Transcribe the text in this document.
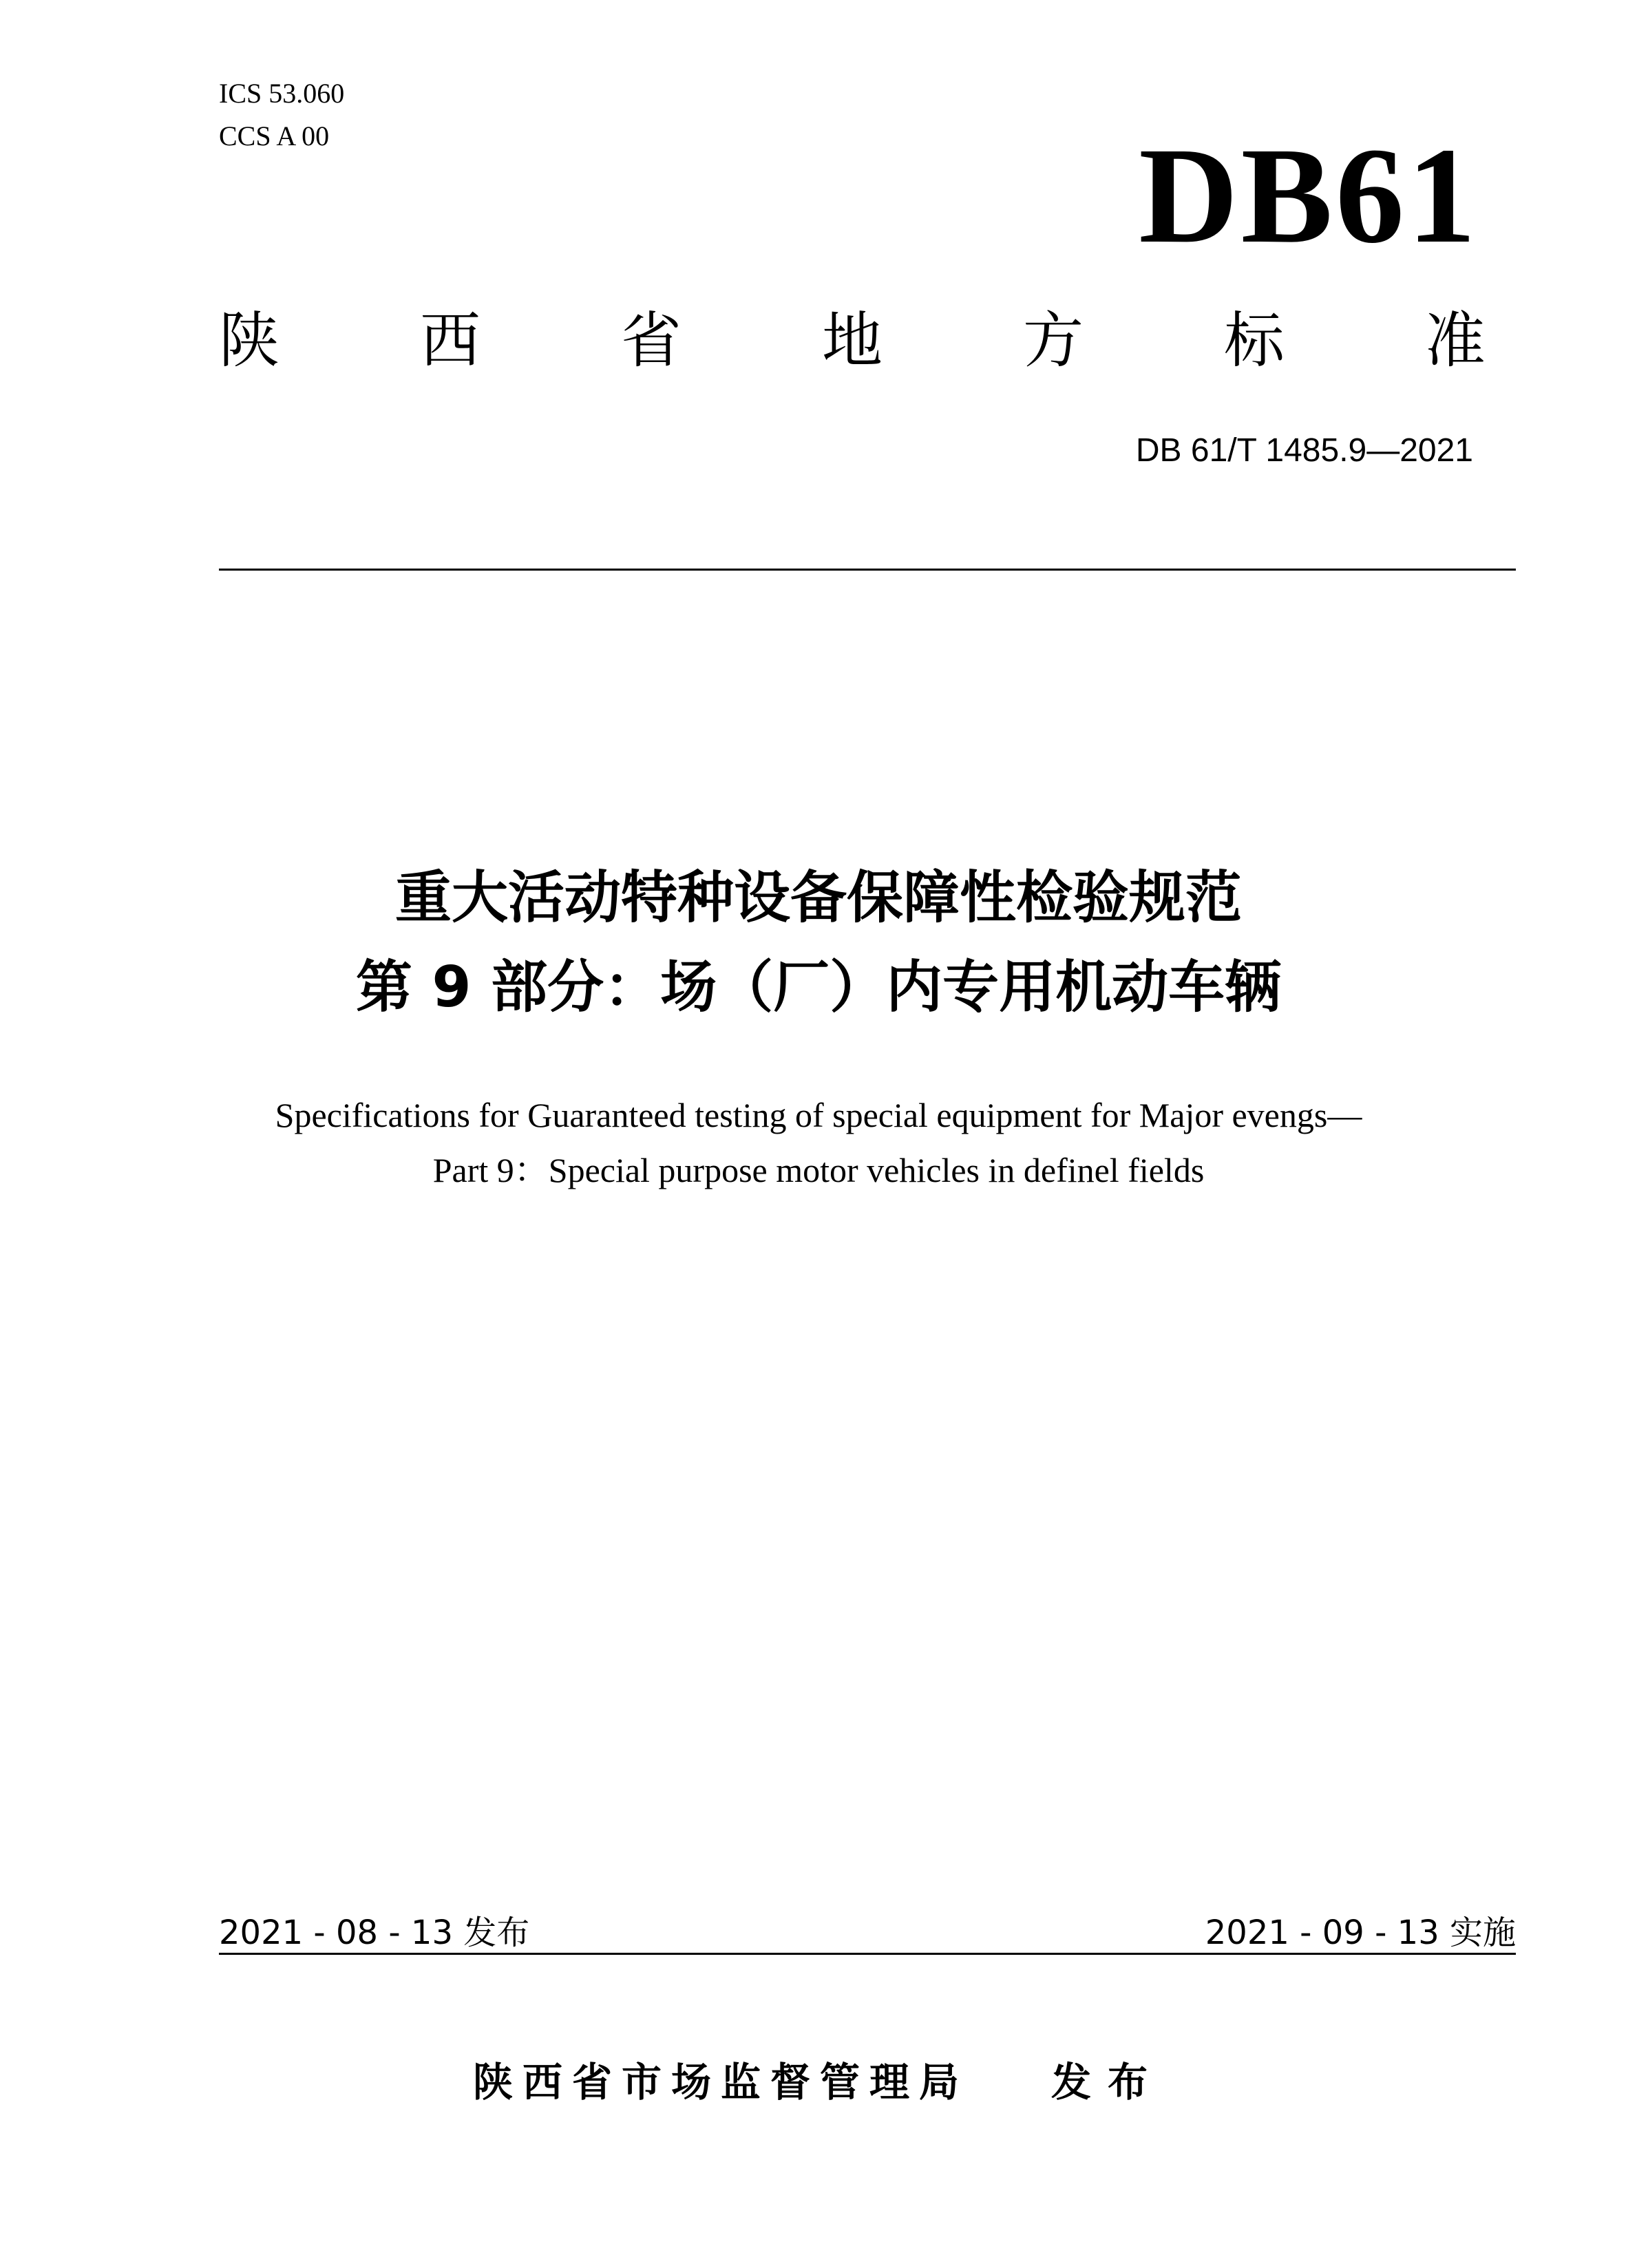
ICS 53.060
CCS A 00	DB61
陕 西 省 地 方 标 准
DB 61/T 1485.9—2021
重大活动特种设备保障性检验规范
第 9 部分：场（厂）内专用机动车辆
Specifications for Guaranteed testing of special equipment for Major evengs—
Part 9：Special purpose motor vehicles in definel fields
2021 - 08 - 13 发布	2021 - 09 - 13 实施
陕西省市场监督管理局 发布
